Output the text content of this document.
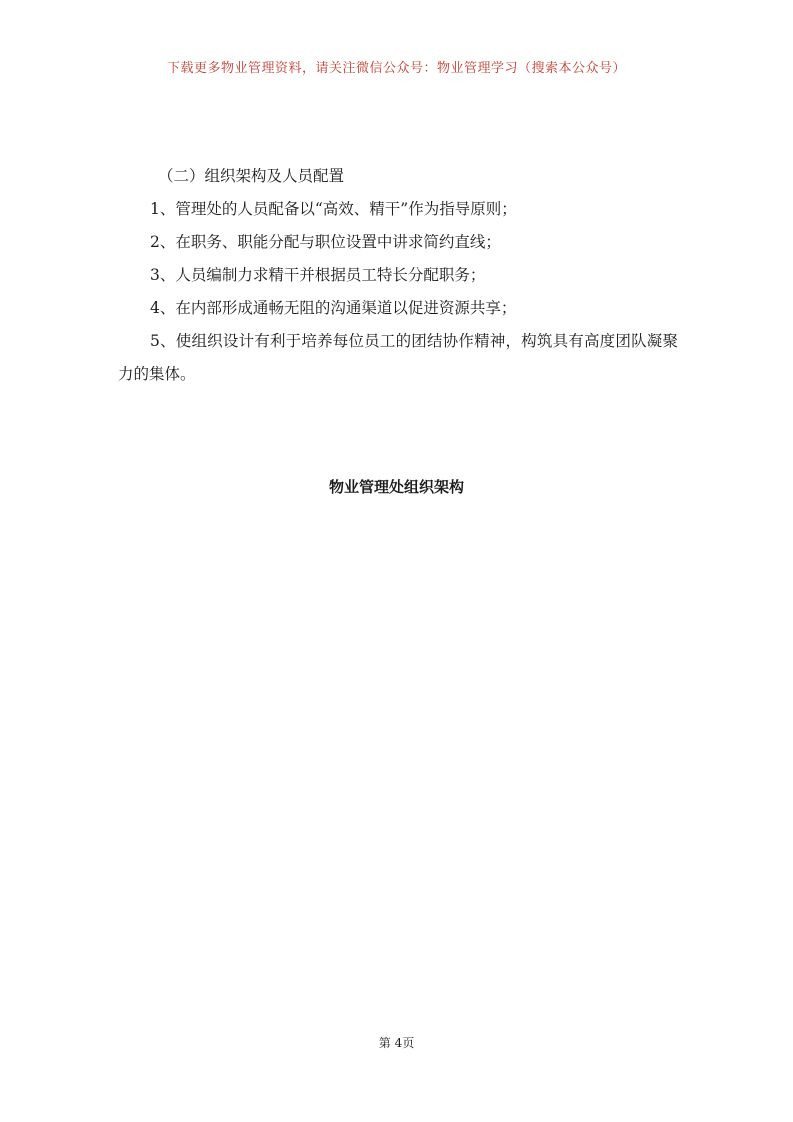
下载更多物业管理资料，请关注微信公众号：物业管理学习（搜索本公众号）

（二）组织架构及人员配置

1、管理处的人员配备以“高效、精干”作为指导原则；

2、在职务、职能分配与职位设置中讲求简约直线；

3、人员编制力求精干并根据员工特长分配职务；

4、在内部形成通畅无阻的沟通渠道以促进资源共享；

5、使组织设计有利于培养每位员工的团结协作精神，构筑具有高度团队凝聚力的集体。

物业管理处组织架构
第 4页
